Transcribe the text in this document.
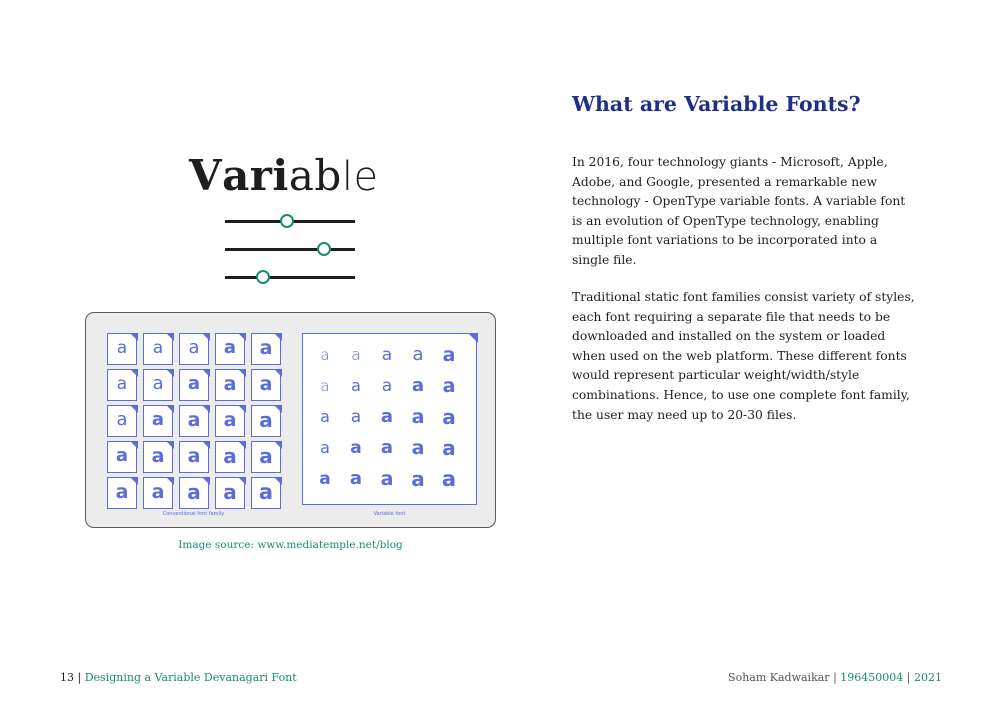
Variable
a	a	a	a	a
a	a	a	a	a
a	a	a	a	a
a	a	a	a	a
a	a	a	a	a
Conventional font family
a	a	a	a	a
a	a	a	a a
a	a	a a a
a	a	a a a
a	a a a a
Variable font
Image source: www.mediatemple.net/blog
What are Variable Fonts?

In 2016, four technology giants - Microsoft, Apple, Adobe, and Google, presented a remarkable new technology - OpenType variable fonts. A variable font is an evolution of OpenType technology, enabling multiple font variations to be incorporated into a single file.

Traditional static font families consist variety of styles, each font requiring a separate file that needs to be downloaded and installed on the system or loaded when used on the web platform. These different fonts would represent particular weight/width/style combinations. Hence, to use one complete font family, the user may need up to 20-30 files.

13 | Designing a Variable Devanagari Font	Soham Kadwaikar | 196450004 | 2021
